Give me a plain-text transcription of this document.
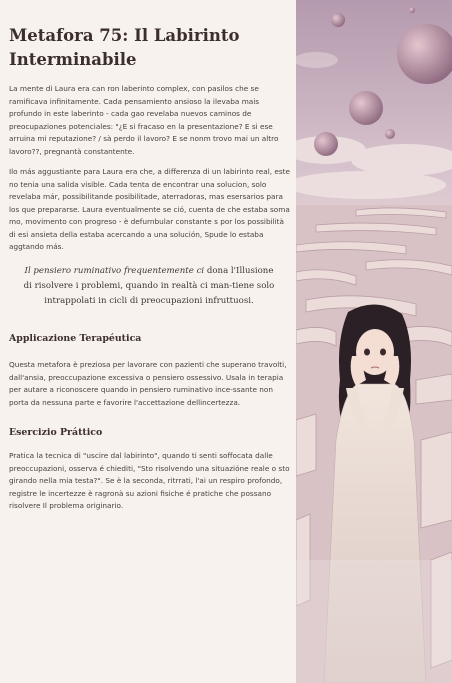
Metafora 75: Il Labirinto Interminabile
La mente di Laura era can ron laberinto complex, con pasilos che se ramificava infinitamente. Cada pensamiento ansioso la ilevaba mais profundo in este laberinto - cada gao revelaba nuevos caminos de preocupaziones potenciales: "¿E si fracaso en la presentazione? E si ese arruina mi reputazione? / sà perdo il lavoro? E se nonm trovo mai un altro lavoro??, pregnantà constantente.
Ilo más aggustiante para Laura era che, a differenza di un labirinto real, este no tenia una salida visible. Cada tenta de encontrar una solucion, solo revelaba már, possibilitande posibilitade, aterradoras, mas esersarios para los que prepararse. Laura eventualmente se ció, cuenta de che estaba soma mo, movimento con progreso - è defurnbular constante s por los possibilità di esi ansieta della estaba acercando a una solución, Spude lo estaba aggtando más.
Il pensiero ruminativo frequentemente ci dona l'Illusione di risolvere i problemi, quando in realtà ci man-tiene solo intrappolati in cicli di preocupazioni infruttuosi.
Applicazione Terapéutica
Questa metafora è preziosa per lavorare con pazienti che superano travolti, dall'ansia, preoccupazione excessiva o pensiero ossessivo. Usala in terapia per autare a riconoscere quando in pensiero ruminativo ince-ssante non porta da nessuna parte e favorire l'accettazione dellincertezza.
Esercizio Práttico
Pratica la tecnica di "uscire dal labirinto", quando ti senti soffocata dalle preoccupazioni, osserva é chiediti, "Sto risolvendo una situazióne reale o sto girando nella mia testa?". Se è la seconda, ritrrati, l'ai un respiro profondo, registre le incertezze è ragronà su azioni fisiche é pratiche che possano risolvere Il problema originario.
